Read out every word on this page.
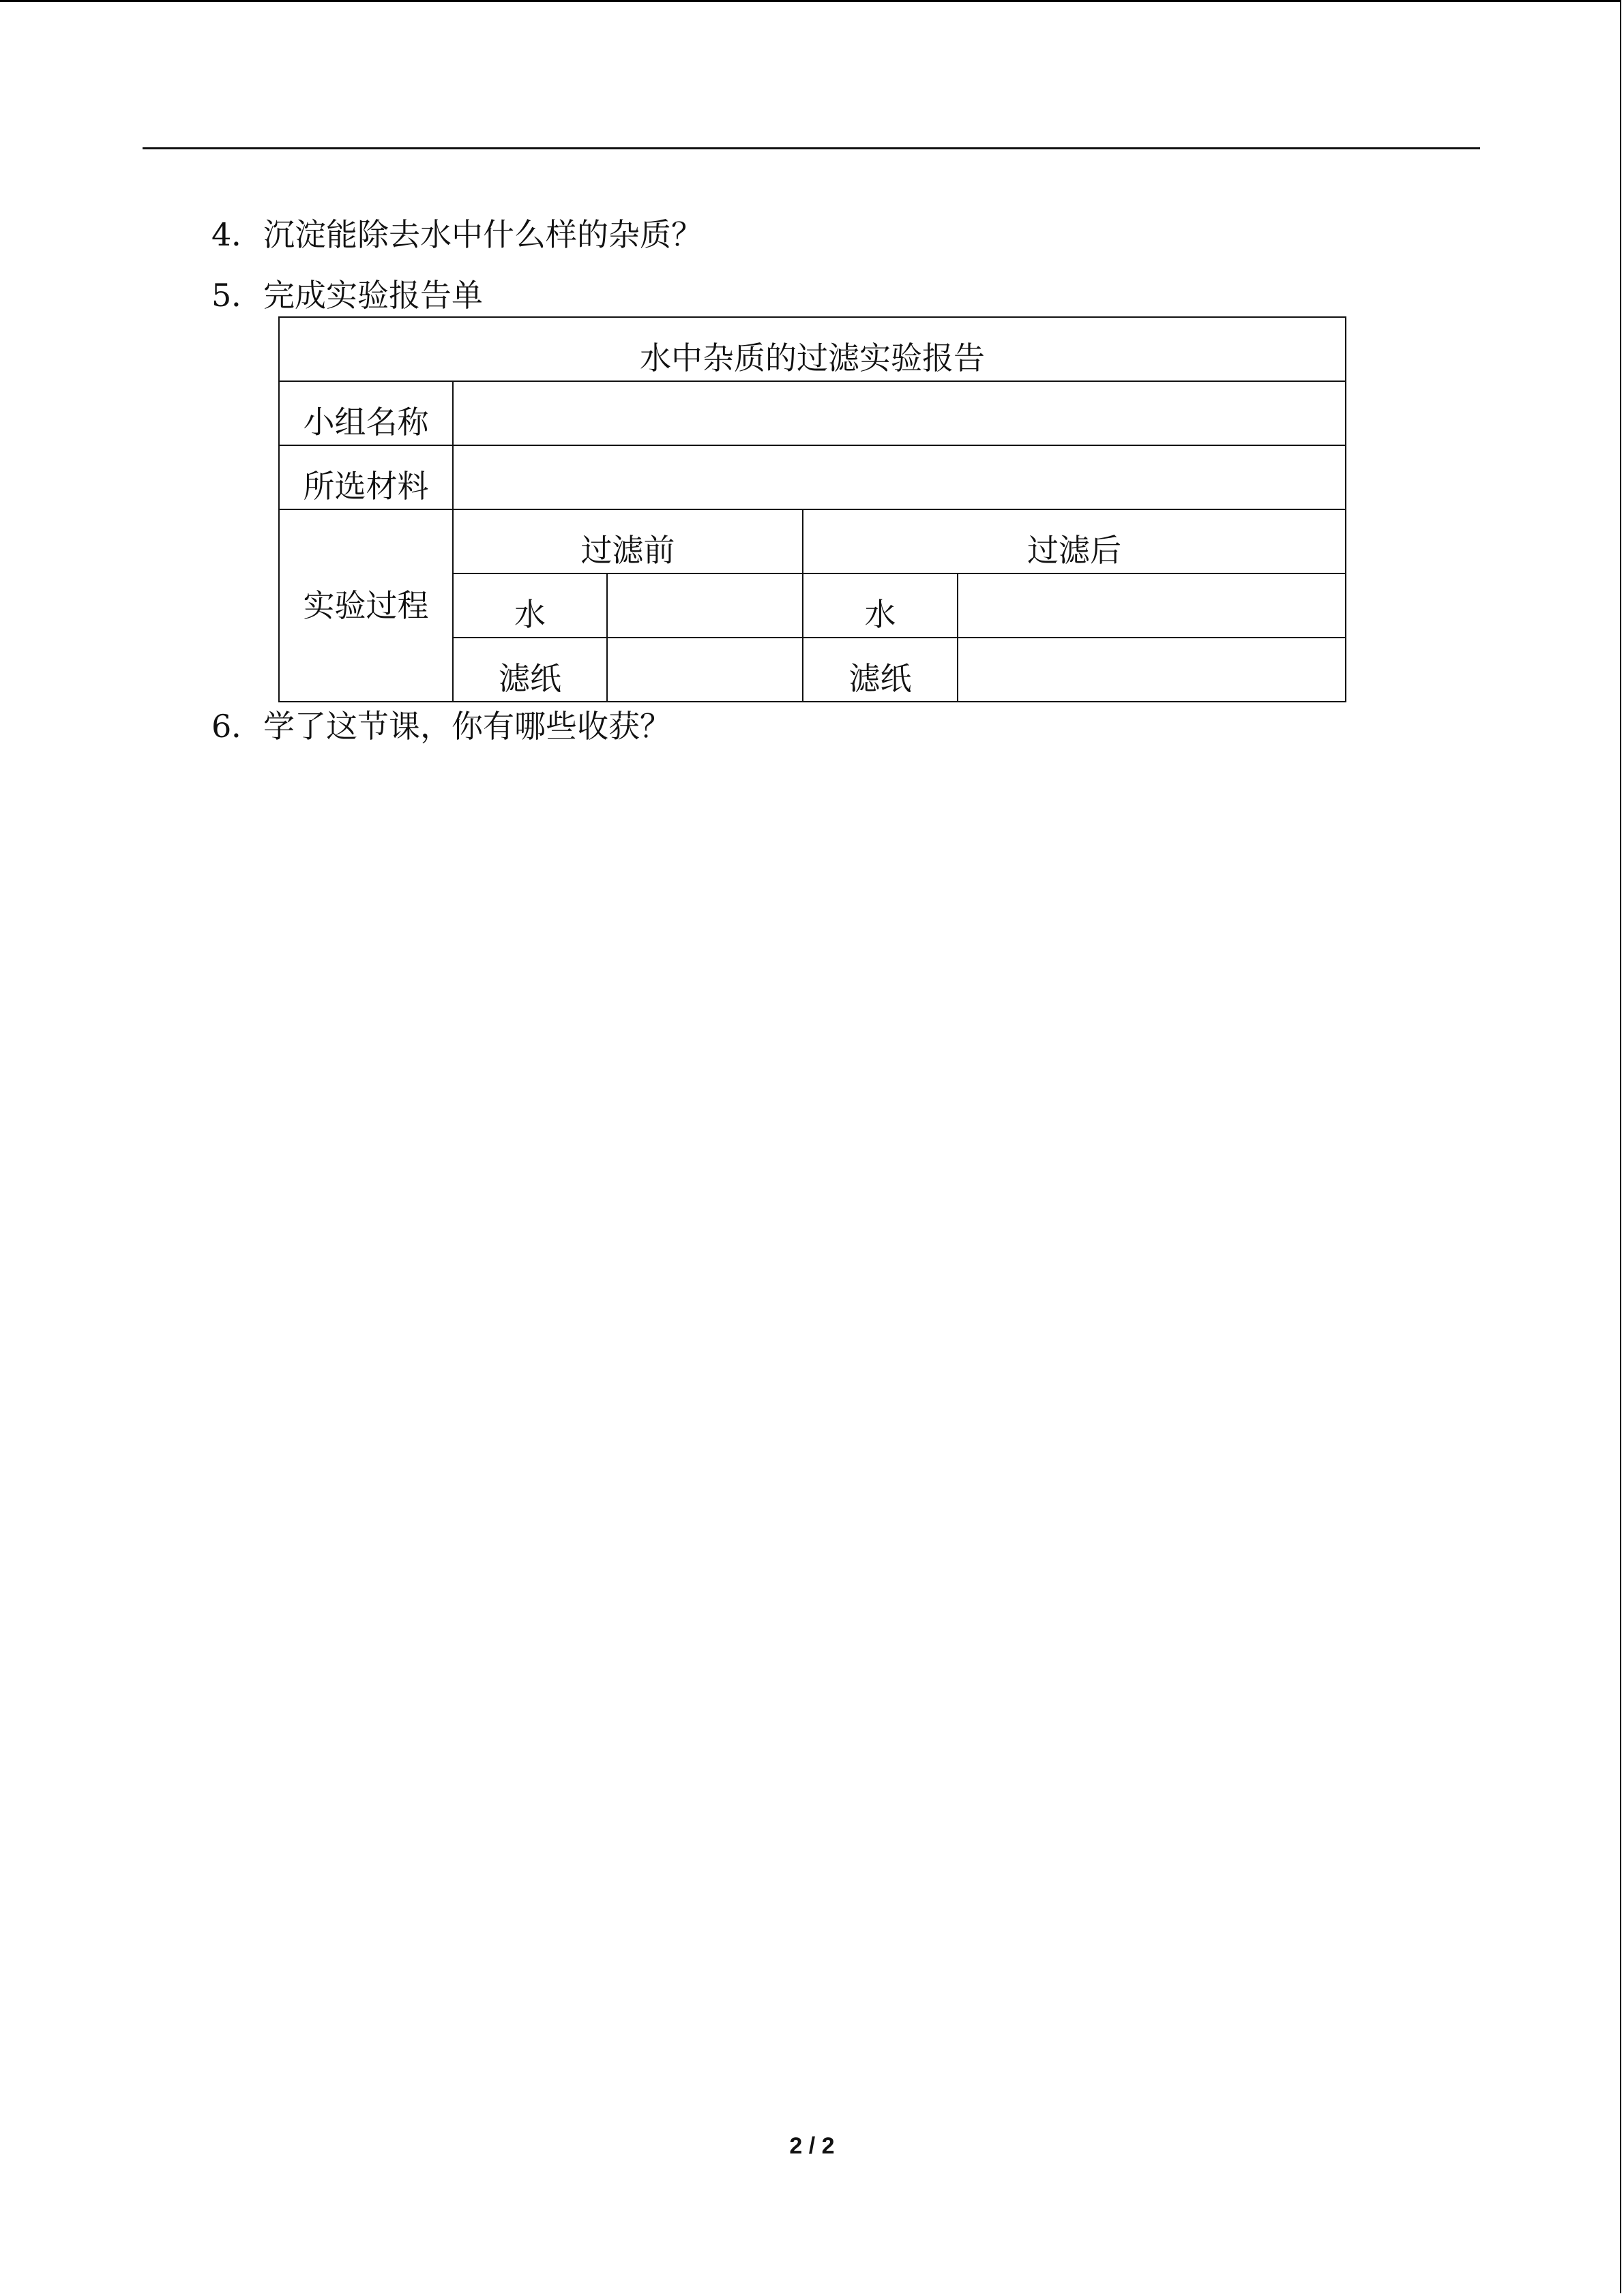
4．沉淀能除去水中什么样的杂质？
5．完成实验报告单
水中杂质的过滤实验报告				
小组名称				
所选材料				
实验过程	过滤前		过滤后	
	水		水	
	滤纸		滤纸	
6．学了这节课，你有哪些收获？
2 / 2
